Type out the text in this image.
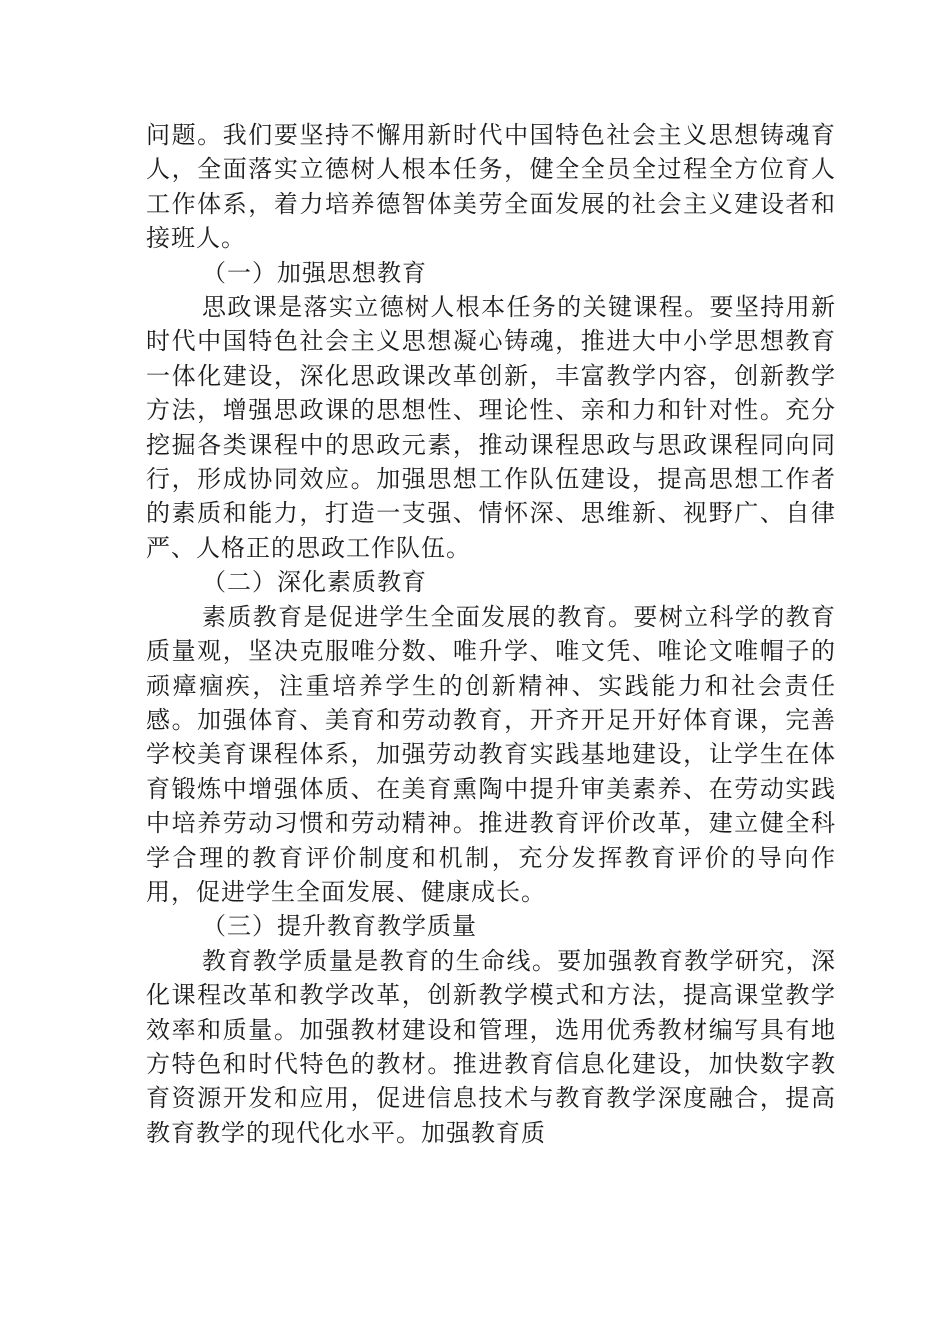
问题。我们要坚持不懈用新时代中国特色社会主义思想铸魂育人，全面落实立德树人根本任务，健全全员全过程全方位育人工作体系，着力培养德智体美劳全面发展的社会主义建设者和接班人。

（一）加强思想教育

思政课是落实立德树人根本任务的关键课程。要坚持用新时代中国特色社会主义思想凝心铸魂，推进大中小学思想教育一体化建设，深化思政课改革创新，丰富教学内容，创新教学方法，增强思政课的思想性、理论性、亲和力和针对性。充分挖掘各类课程中的思政元素，推动课程思政与思政课程同向同行，形成协同效应。加强思想工作队伍建设，提高思想工作者的素质和能力，打造一支强、情怀深、思维新、视野广、自律严、人格正的思政工作队伍。

（二）深化素质教育

素质教育是促进学生全面发展的教育。要树立科学的教育质量观，坚决克服唯分数、唯升学、唯文凭、唯论文唯帽子的顽瘴痼疾，注重培养学生的创新精神、实践能力和社会责任感。加强体育、美育和劳动教育，开齐开足开好体育课，完善学校美育课程体系，加强劳动教育实践基地建设，让学生在体育锻炼中增强体质、在美育熏陶中提升审美素养、在劳动实践中培养劳动习惯和劳动精神。推进教育评价改革，建立健全科学合理的教育评价制度和机制，充分发挥教育评价的导向作用，促进学生全面发展、健康成长。

（三）提升教育教学质量

教育教学质量是教育的生命线。要加强教育教学研究，深化课程改革和教学改革，创新教学模式和方法，提高课堂教学效率和质量。加强教材建设和管理，选用优秀教材编写具有地方特色和时代特色的教材。推进教育信息化建设，加快数字教育资源开发和应用，促进信息技术与教育教学深度融合，提高教育教学的现代化水平。加强教育质
